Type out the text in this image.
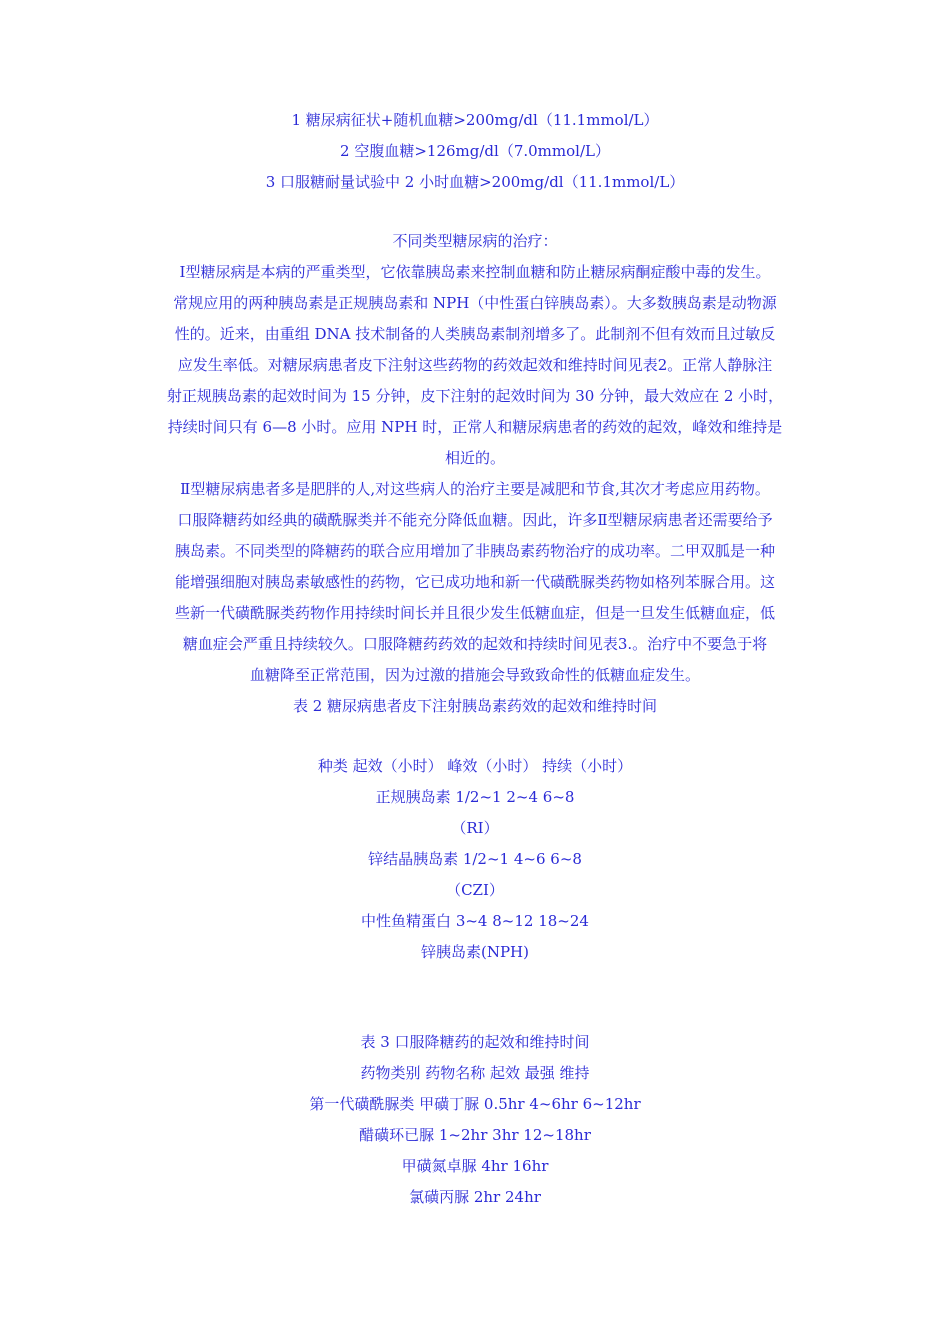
1 糖尿病征状+随机血糖>200mg/dl（11.1mmol/L）
2 空腹血糖>126mg/dl（7.0mmol/L）
3 口服糖耐量试验中 2 小时血糖>200mg/dl（11.1mmol/L）
不同类型糖尿病的治疗：
Ⅰ型糖尿病是本病的严重类型，它依靠胰岛素来控制血糖和防止糖尿病酮症酸中毒的发生。
常规应用的两种胰岛素是正规胰岛素和 NPH（中性蛋白锌胰岛素）。大多数胰岛素是动物源
性的。近来，由重组 DNA 技术制备的人类胰岛素制剂增多了。此制剂不但有效而且过敏反
应发生率低。对糖尿病患者皮下注射这些药物的药效起效和维持时间见表2。正常人静脉注
射正规胰岛素的起效时间为 15 分钟，皮下注射的起效时间为 30 分钟，最大效应在 2 小时，
持续时间只有 6—8 小时。应用 NPH 时，正常人和糖尿病患者的药效的起效，峰效和维持是
相近的。
Ⅱ型糖尿病患者多是肥胖的人,对这些病人的治疗主要是减肥和节食,其次才考虑应用药物。
口服降糖药如经典的磺酰脲类并不能充分降低血糖。因此，许多Ⅱ型糖尿病患者还需要给予
胰岛素。不同类型的降糖药的联合应用增加了非胰岛素药物治疗的成功率。二甲双胍是一种
能增强细胞对胰岛素敏感性的药物，它已成功地和新一代磺酰脲类药物如格列苯脲合用。这
些新一代磺酰脲类药物作用持续时间长并且很少发生低糖血症，但是一旦发生低糖血症，低
糖血症会严重且持续较久。口服降糖药药效的起效和持续时间见表3.。治疗中不要急于将
血糖降至正常范围，因为过激的措施会导致致命性的低糖血症发生。
表 2 糖尿病患者皮下注射胰岛素药效的起效和维持时间
种类 起效（小时） 峰效（小时） 持续（小时）
正规胰岛素 1/2~1 2~4 6~8
（RI）
锌结晶胰岛素 1/2~1 4~6 6~8
（CZI）
中性鱼精蛋白 3~4 8~12 18~24
锌胰岛素(NPH)
表 3 口服降糖药的起效和维持时间
药物类别 药物名称 起效 最强 维持
第一代磺酰脲类 甲磺丁脲 0.5hr 4~6hr 6~12hr
醋磺环已脲 1~2hr 3hr 12~18hr
甲磺氮卓脲 4hr 16hr
氯磺丙脲 2hr 24hr
